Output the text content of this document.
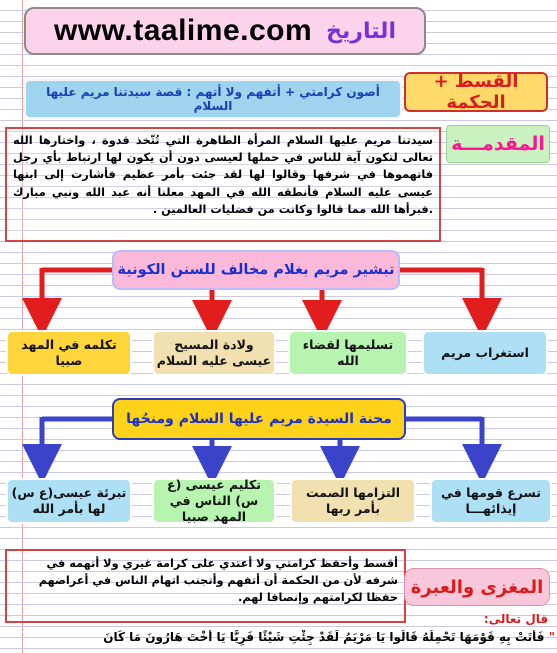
www.taalime.com التاريخ
أصون كرامتي + أتفهم ولا أتهم : قصة سيدتنا مريم عليها السلام
القسط + الحكمة
المقدمـــة
سيدتنا مريم عليها السلام المرأة الطاهرة التي تُتّخذ قدوة ، واختارها الله تعالى لتكون آية للناس في حملها لعيسى دون أن يكون لها ارتباط بأي رجل فاتهموها في شرفها وقالوا لها لقد جئت بأمر عظيم فأشارت إلى ابنها عيسى عليه السلام فأنطقه الله في المهد معلنا أنه عبد الله ونبي مبارك .فبرأها الله مما قالوا وكانت من فضليات العالمين .
تبشير مريم بغلام مخالف للسنن الكونية
استغراب مريم
تسليمها لقضاء الله
ولادة المسيح عيسى عليه السلام
تكلمه في المهد صبيا
محنة السيدة مريم عليها السلام ومنحُها
تسرع قومها في إيذائهـــا
التزامها الصمت بأمر ربها
تكليم عيسى (ع س) الناس في المهد صبيا
تبرئة عيسى(ع س) لها بأمر الله
أقسط وأحفظ كرامتي ولا أعتدي على كرامة غيري ولا أتهمه في شرفه لأن من الحكمة أن أتفهم وأتجنب اتهام الناس في أعراضهم حفظا لكرامتهم وإنصافا لهم. المغزى والعبرة
قال تعالى:
" فَأَتَتْ بِهِ قَوْمَهَا تَحْمِلُهُ قَالُوا يَا مَرْيَمُ لَقَدْ جِئْتِ شَيْئًا فَرِيًّا يَا أُخْتَ هَارُونَ مَا كَانَ
